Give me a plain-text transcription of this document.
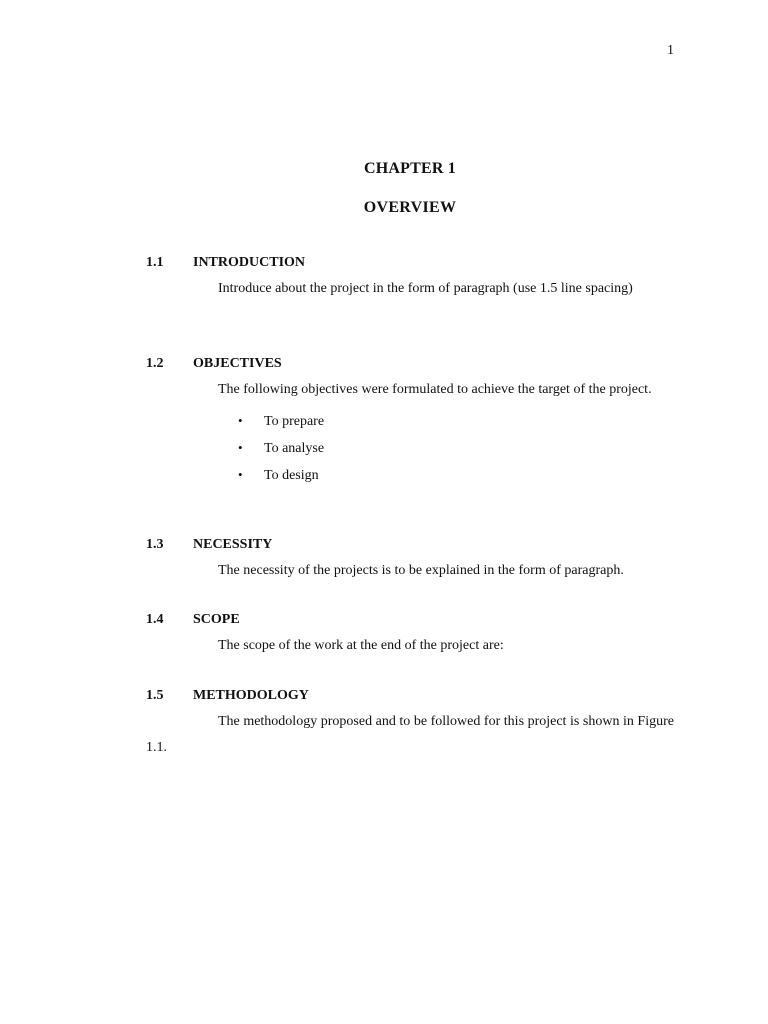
1
CHAPTER 1
OVERVIEW
1.1 INTRODUCTION
Introduce about the project in the form of paragraph (use 1.5 line spacing)
1.2 OBJECTIVES
The following objectives were formulated to achieve the target of the project.
• To prepare
• To analyse
• To design
1.3 NECESSITY
The necessity of the projects is to be explained in the form of paragraph.
1.4 SCOPE
The scope of the work at the end of the project are:
1.5 METHODOLOGY
The methodology proposed and to be followed for this project is shown in Figure 1.1.
